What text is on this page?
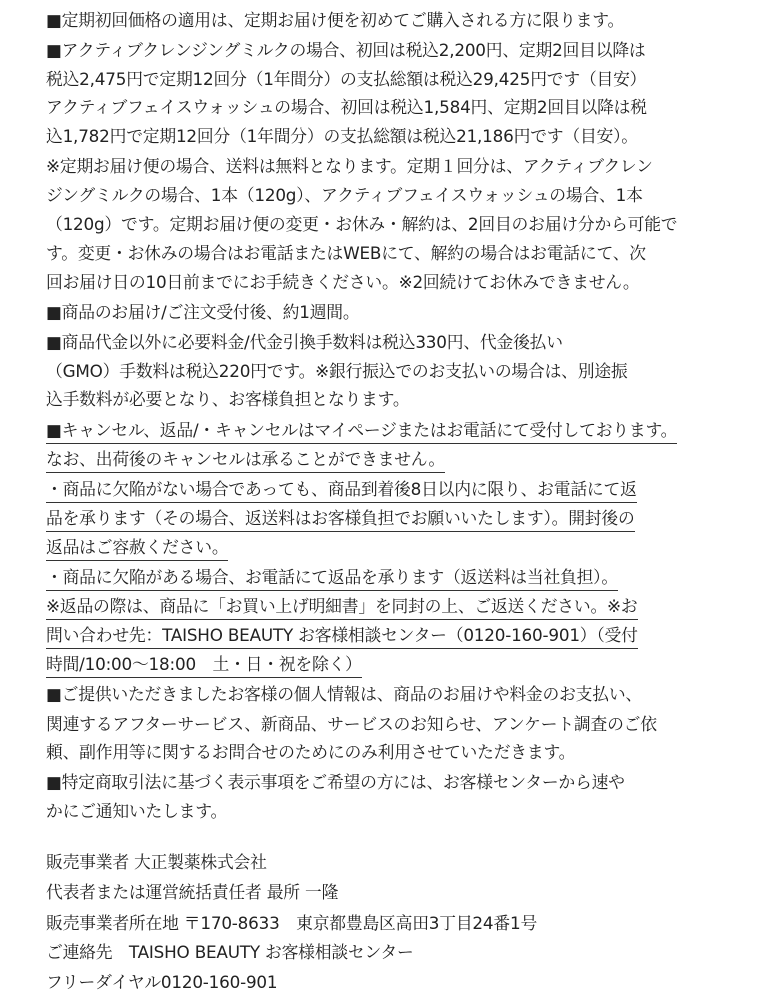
■定期初回価格の適用は、定期お届け便を初めてご購入される方に限ります。
■アクティブクレンジングミルクの場合、初回は税込2,200円、定期2回目以降は
税込2,475円で定期12回分（1年間分）の支払総額は税込29,425円です（目安）
アクティブフェイスウォッシュの場合、初回は税込1,584円、定期2回目以降は税
込1,782円で定期12回分（1年間分）の支払総額は税込21,186円です（目安）。
※定期お届け便の場合、送料は無料となります。定期１回分は、アクティブクレン
ジングミルクの場合、1本（120g）、アクティブフェイスウォッシュの場合、1本
（120g）です。定期お届け便の変更・お休み・解約は、2回目のお届け分から可能で
す。変更・お休みの場合はお電話またはWEBにて、解約の場合はお電話にて、次
回お届け日の10日前までにお手続きください。※2回続けてお休みできません。
■商品のお届け/ご注文受付後、約1週間。
■商品代金以外に必要料金/代金引換手数料は税込330円、代金後払い
（GMO）手数料は税込220円です。※銀行振込でのお支払いの場合は、別途振
込手数料が必要となり、お客様負担となります。
■キャンセル、返品/・キャンセルはマイページまたはお電話にて受付しております。
なお、出荷後のキャンセルは承ることができません。
・商品に欠陥がない場合であっても、商品到着後8日以内に限り、お電話にて返
品を承ります（その場合、返送料はお客様負担でお願いいたします）。開封後の
返品はご容赦ください。
・商品に欠陥がある場合、お電話にて返品を承ります（返送料は当社負担）。
※返品の際は、商品に「お買い上げ明細書」を同封の上、ご返送ください。※お
問い合わせ先：TAISHO BEAUTY お客様相談センター（0120-160-901）（受付
時間/10:00〜18:00　土・日・祝を除く）
■ご提供いただきましたお客様の個人情報は、商品のお届けや料金のお支払い、
関連するアフターサービス、新商品、サービスのお知らせ、アンケート調査のご依
頼、副作用等に関するお問合せのためにのみ利用させていただきます。
■特定商取引法に基づく表示事項をご希望の方には、お客様センターから速や
かにご通知いたします。
販売事業者 大正製薬株式会社
代表者または運営統括責任者 最所 一隆
販売事業者所在地 〒170-8633　東京都豊島区高田3丁目24番1号
ご連絡先　TAISHO BEAUTY お客様相談センター
フリーダイヤル0120-160-901
